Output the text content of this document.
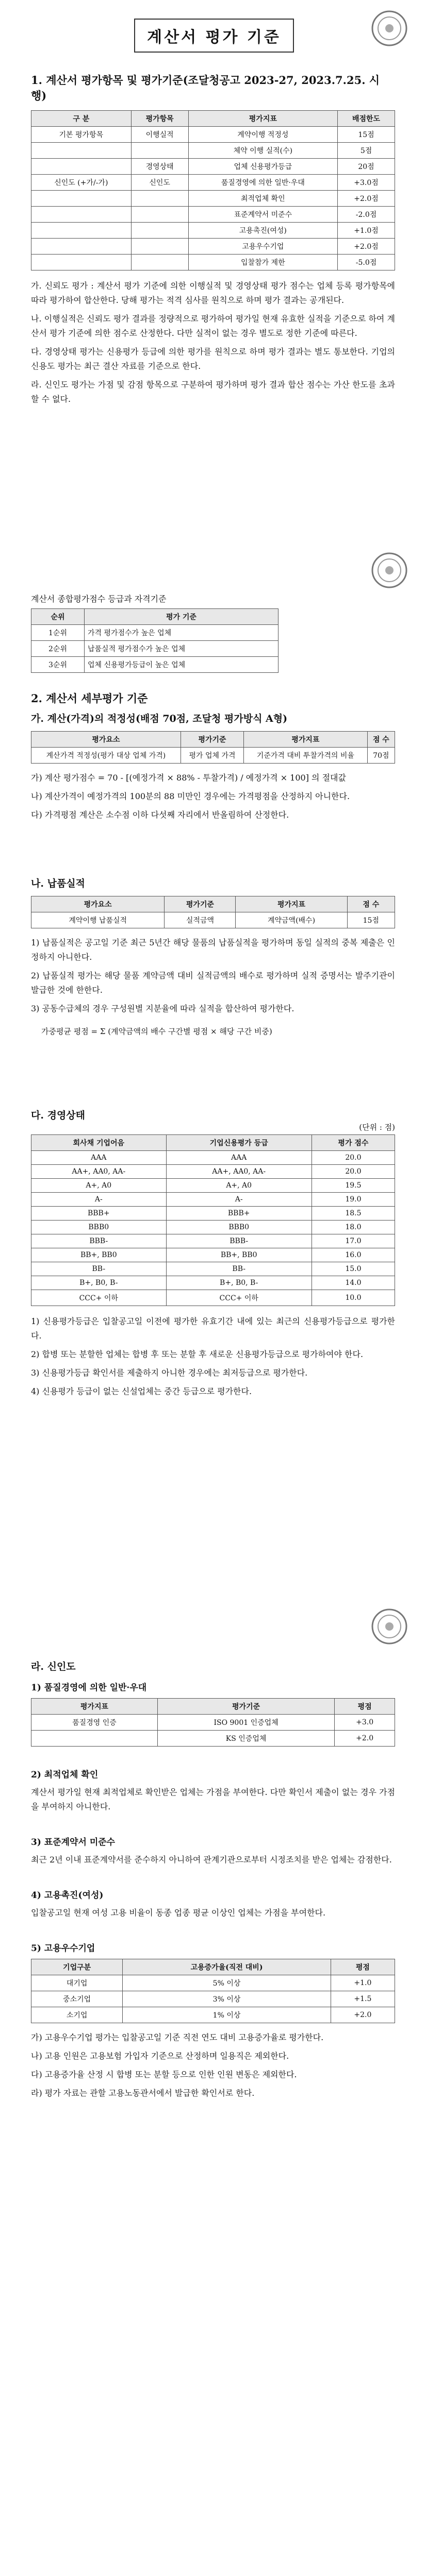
계산서 평가 기준
1. 계산서 평가항목 및 평가기준(조달청공고 2023-27, 2023.7.25. 시행)
구 분	평가항목	평가지표	배점한도
기본 평가항목	이행실적	계약이행 적정성	15점
		체약 이행 실적(수)	5점
	경영상태	업체 신용평가등급	20점
신인도 (+가/-가)	신인도	품질경영에 의한 일반·우대	+3.0점
		최적업체 확인	+2.0점
		표준계약서 미준수	-2.0점
		고용촉진(여성)	+1.0점
		고용우수기업	+2.0점
		입찰참가 제한	-5.0점

가. 신뢰도 평가 : 계산서 평가 기준에 의한 이행실적 및 경영상태 평가 점수는 업체 등록 평가항목에 따라 평가하여 합산한다. 당해 평가는 적격 심사를 원칙으로 하며 평가 결과는 공개된다.

나. 이행실적은 신뢰도 평가 결과를 정량적으로 평가하여 평가일 현재 유효한 실적을 기준으로 하여 계산서 평가 기준에 의한 점수로 산정한다. 다만 실적이 없는 경우 별도로 정한 기준에 따른다.

다. 경영상태 평가는 신용평가 등급에 의한 평가를 원칙으로 하며 평가 결과는 별도 통보한다. 기업의 신용도 평가는 최근 결산 자료를 기준으로 한다.

라. 신인도 평가는 가점 및 감점 항목으로 구분하여 평가하며 평가 결과 합산 점수는 가산 한도를 초과할 수 없다.

계산서 종합평가점수 등급과 자격기준
순위	평가 기준
1순위	가격 평가점수가 높은 업체
2순위	납품실적 평가점수가 높은 업체
3순위	업체 신용평가등급이 높은 업체
2. 계산서 세부평가 기준
가. 계산(가격)의 적정성(배점 70점, 조달청 평가방식 A형)
평가요소	평가기준	평가지표	점 수
계산가격 적정성(평가 대상 업체 가격)	평가 업체 가격	기준가격 대비 투찰가격의 비율	70점

가) 계산 평가점수 = 70 - [(예정가격 × 88% - 투찰가격) / 예정가격 × 100] 의 절대값

나) 계산가격이 예정가격의 100분의 88 미만인 경우에는 가격평점을 산정하지 아니한다.

다) 가격평점 계산은 소수점 이하 다섯째 자리에서 반올림하여 산정한다.

나. 납품실적
평가요소	평가기준	평가지표	점 수
계약이행 납품실적	실적금액	계약금액(배수)	15점

1) 납품실적은 공고일 기준 최근 5년간 해당 물품의 납품실적을 평가하며 동일 실적의 중복 제출은 인정하지 아니한다.

2) 납품실적 평가는 해당 물품 계약금액 대비 실적금액의 배수로 평가하며 실적 증명서는 발주기관이 발급한 것에 한한다.

3) 공동수급체의 경우 구성원별 지분율에 따라 실적을 합산하여 평가한다.

가중평균 평점 = Σ (계약금액의 배수 구간별 평점 × 해당 구간 비중)
다. 경영상태
(단위 : 점)
회사채 기업어음	기업신용평가 등급	평가 점수
AAA	AAA	20.0
AA+, AA0, AA-	AA+, AA0, AA-	20.0
A+, A0	A+, A0	19.5
A-	A-	19.0
BBB+	BBB+	18.5
BBB0	BBB0	18.0
BBB-	BBB-	17.0
BB+, BB0	BB+, BB0	16.0
BB-	BB-	15.0
B+, B0, B-	B+, B0, B-	14.0
CCC+ 이하	CCC+ 이하	10.0

1) 신용평가등급은 입찰공고일 이전에 평가한 유효기간 내에 있는 최근의 신용평가등급으로 평가한다.

2) 합병 또는 분할한 업체는 합병 후 또는 분할 후 새로운 신용평가등급으로 평가하여야 한다.

3) 신용평가등급 확인서를 제출하지 아니한 경우에는 최저등급으로 평가한다.

4) 신용평가 등급이 없는 신설업체는 중간 등급으로 평가한다.

라. 신인도
1) 품질경영에 의한 일반·우대
평가지표	평가기준	평점
품질경영 인증	ISO 9001 인증업체	+3.0
	KS 인증업체	+2.0
2) 최적업체 확인

계산서 평가일 현재 최적업체로 확인받은 업체는 가점을 부여한다. 다만 확인서 제출이 없는 경우 가점을 부여하지 아니한다.

3) 표준계약서 미준수

최근 2년 이내 표준계약서를 준수하지 아니하여 관계기관으로부터 시정조치를 받은 업체는 감점한다.

4) 고용촉진(여성)

입찰공고일 현재 여성 고용 비율이 동종 업종 평균 이상인 업체는 가점을 부여한다.

5) 고용우수기업
기업구분	고용증가율(직전 대비)	평점
대기업	5% 이상	+1.0
중소기업	3% 이상	+1.5
소기업	1% 이상	+2.0

가) 고용우수기업 평가는 입찰공고일 기준 직전 연도 대비 고용증가율로 평가한다.

나) 고용 인원은 고용보험 가입자 기준으로 산정하며 일용직은 제외한다.

다) 고용증가율 산정 시 합병 또는 분할 등으로 인한 인원 변동은 제외한다.

라) 평가 자료는 관할 고용노동관서에서 발급한 확인서로 한다.
